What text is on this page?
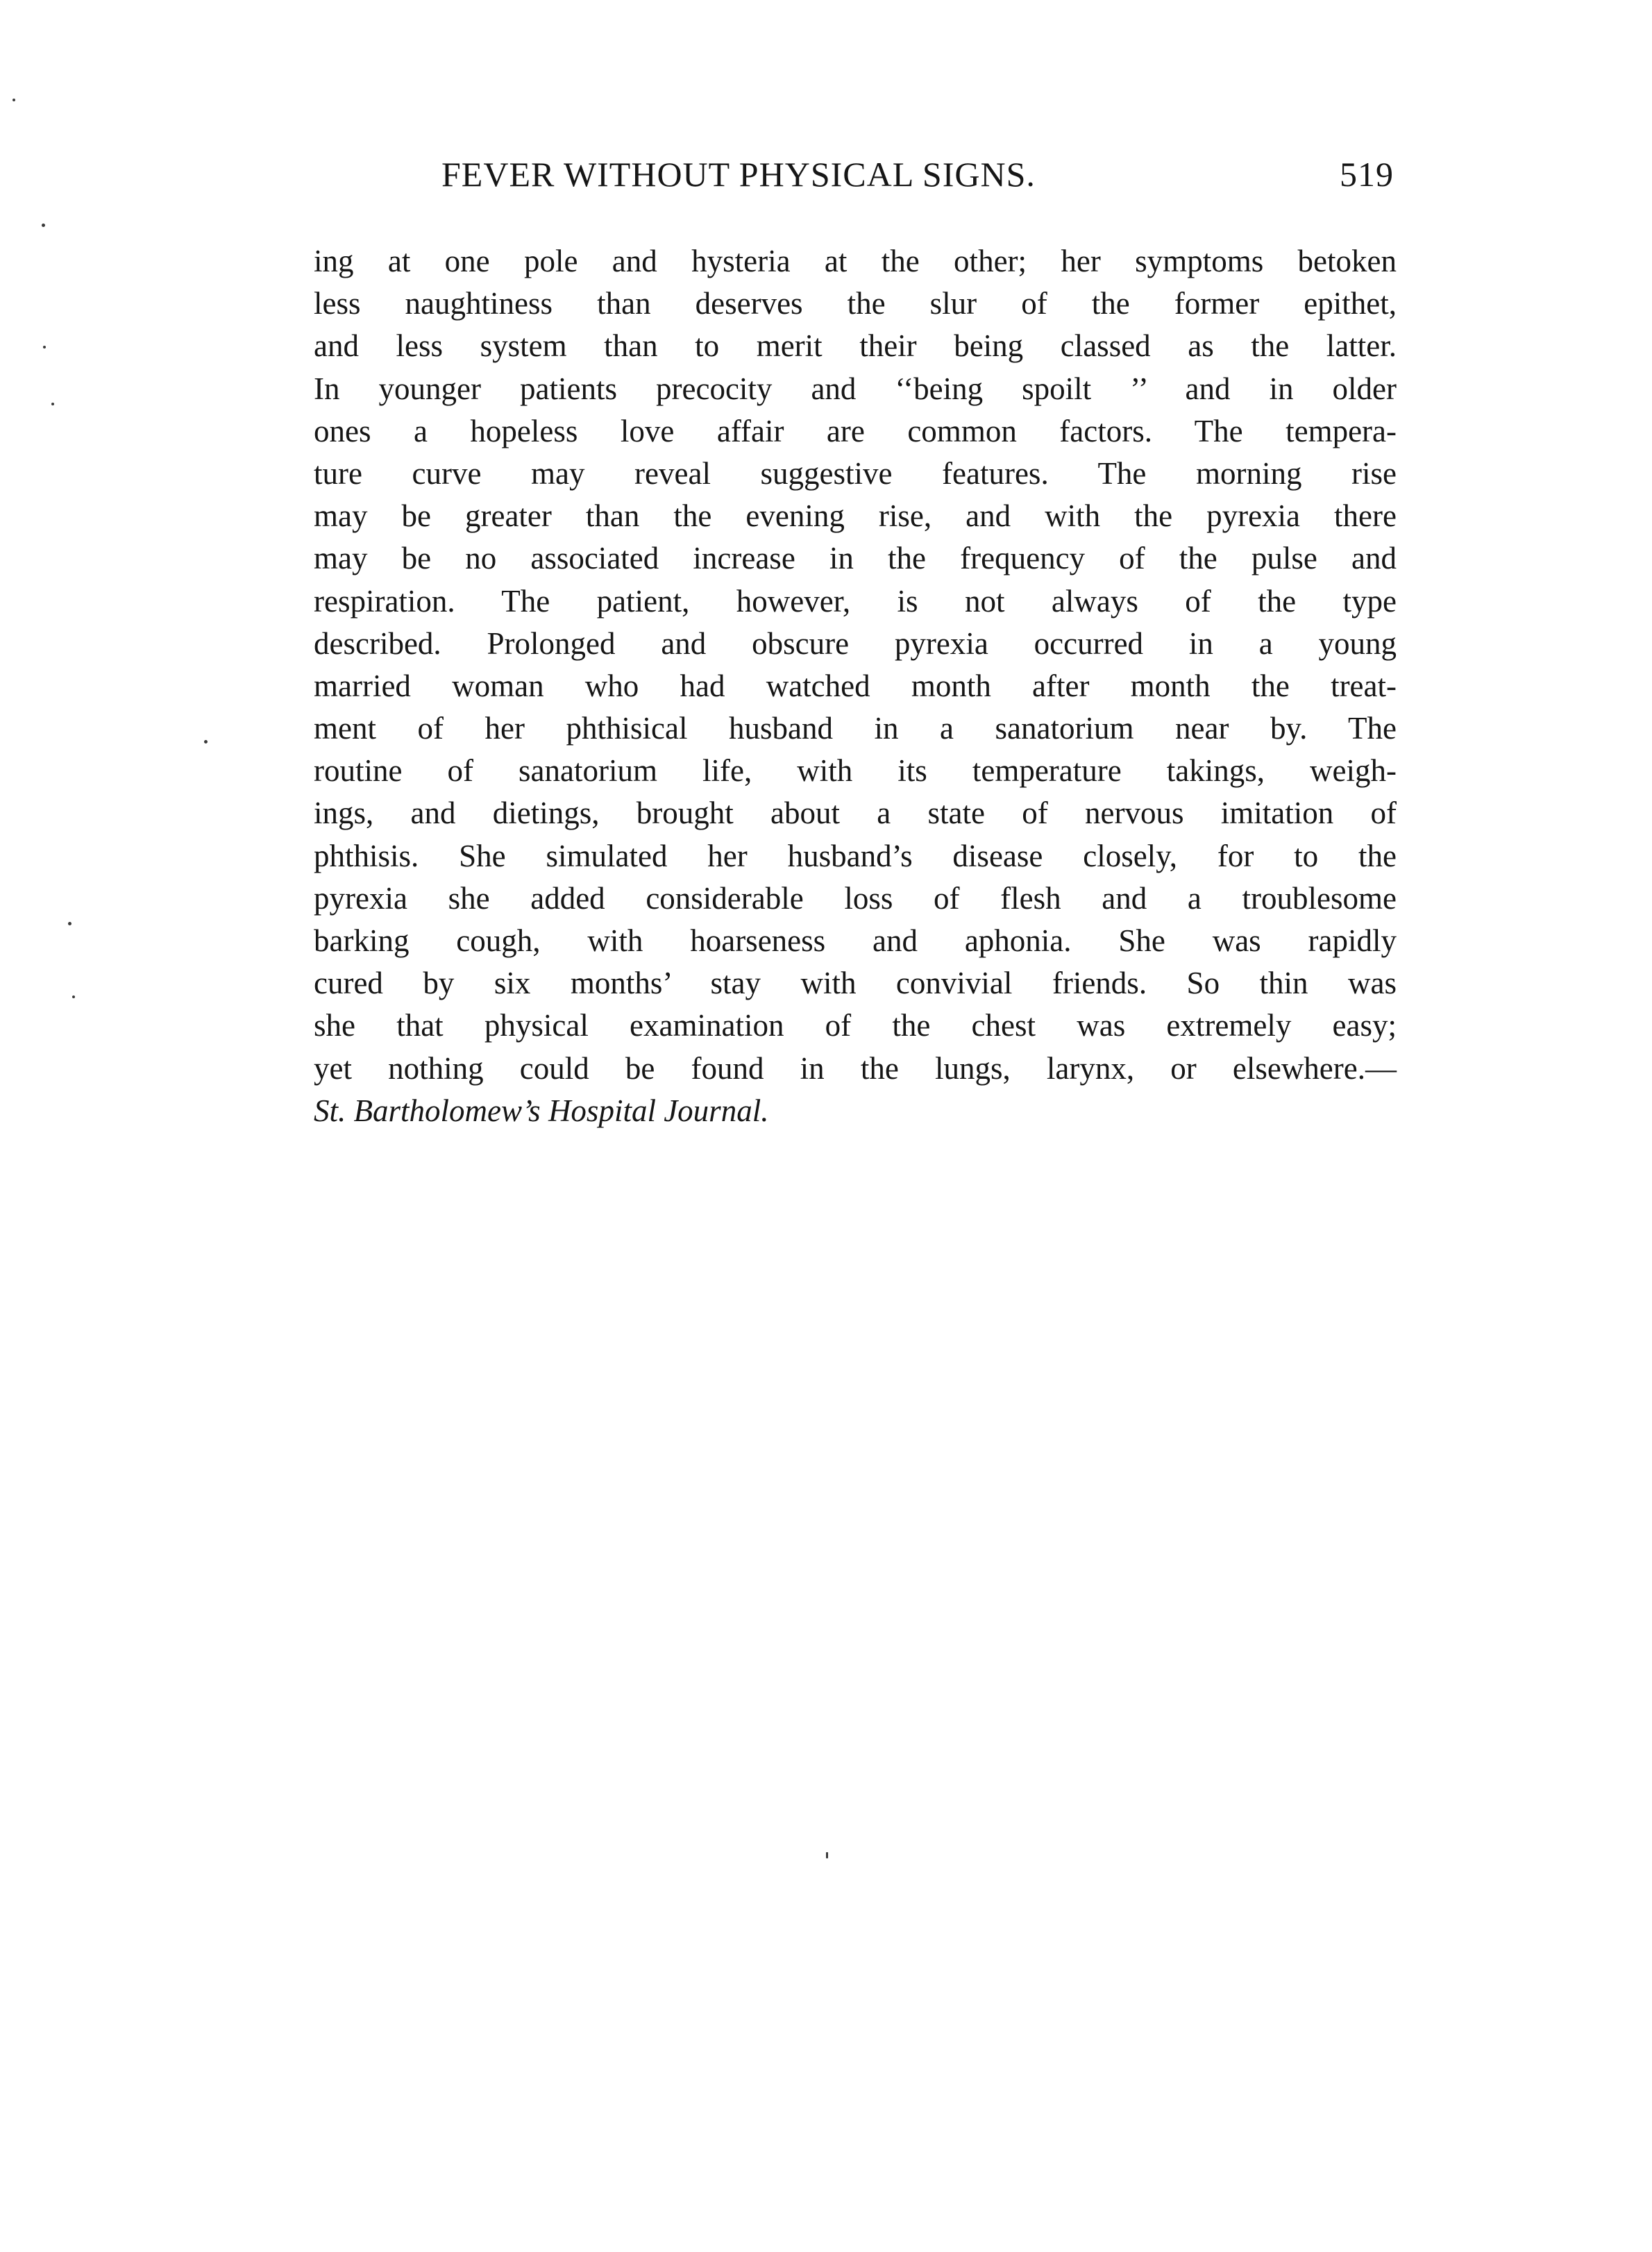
FEVER WITHOUT PHYSICAL SIGNS.	519
ing at one pole and hysteria at the other; her symptoms betoken
less naughtiness than deserves the slur of the former epithet,
and less system than to merit their being classed as the latter.
In younger patients precocity and ‘‘being spoilt ’’ and in older
ones a hopeless love affair are common factors. The tempera-
ture curve may reveal suggestive features. The morning rise
may be greater than the evening rise, and with the pyrexia there
may be no associated increase in the frequency of the pulse and
respiration. The patient, however, is not always of the type
described. Prolonged and obscure pyrexia occurred in a young
married woman who had watched month after month the treat-
ment of her phthisical husband in a sanatorium near by. The
routine of sanatorium life, with its temperature takings, weigh-
ings, and dietings, brought about a state of nervous imitation of
phthisis. She simulated her husband’s disease closely, for to the
pyrexia she added considerable loss of flesh and a troublesome
barking cough, with hoarseness and aphonia. She was rapidly
cured by six months’ stay with convivial friends. So thin was
she that physical examination of the chest was extremely easy;
yet nothing could be found in the lungs, larynx, or elsewhere.—
St. Bartholomew’s Hospital Journal.
